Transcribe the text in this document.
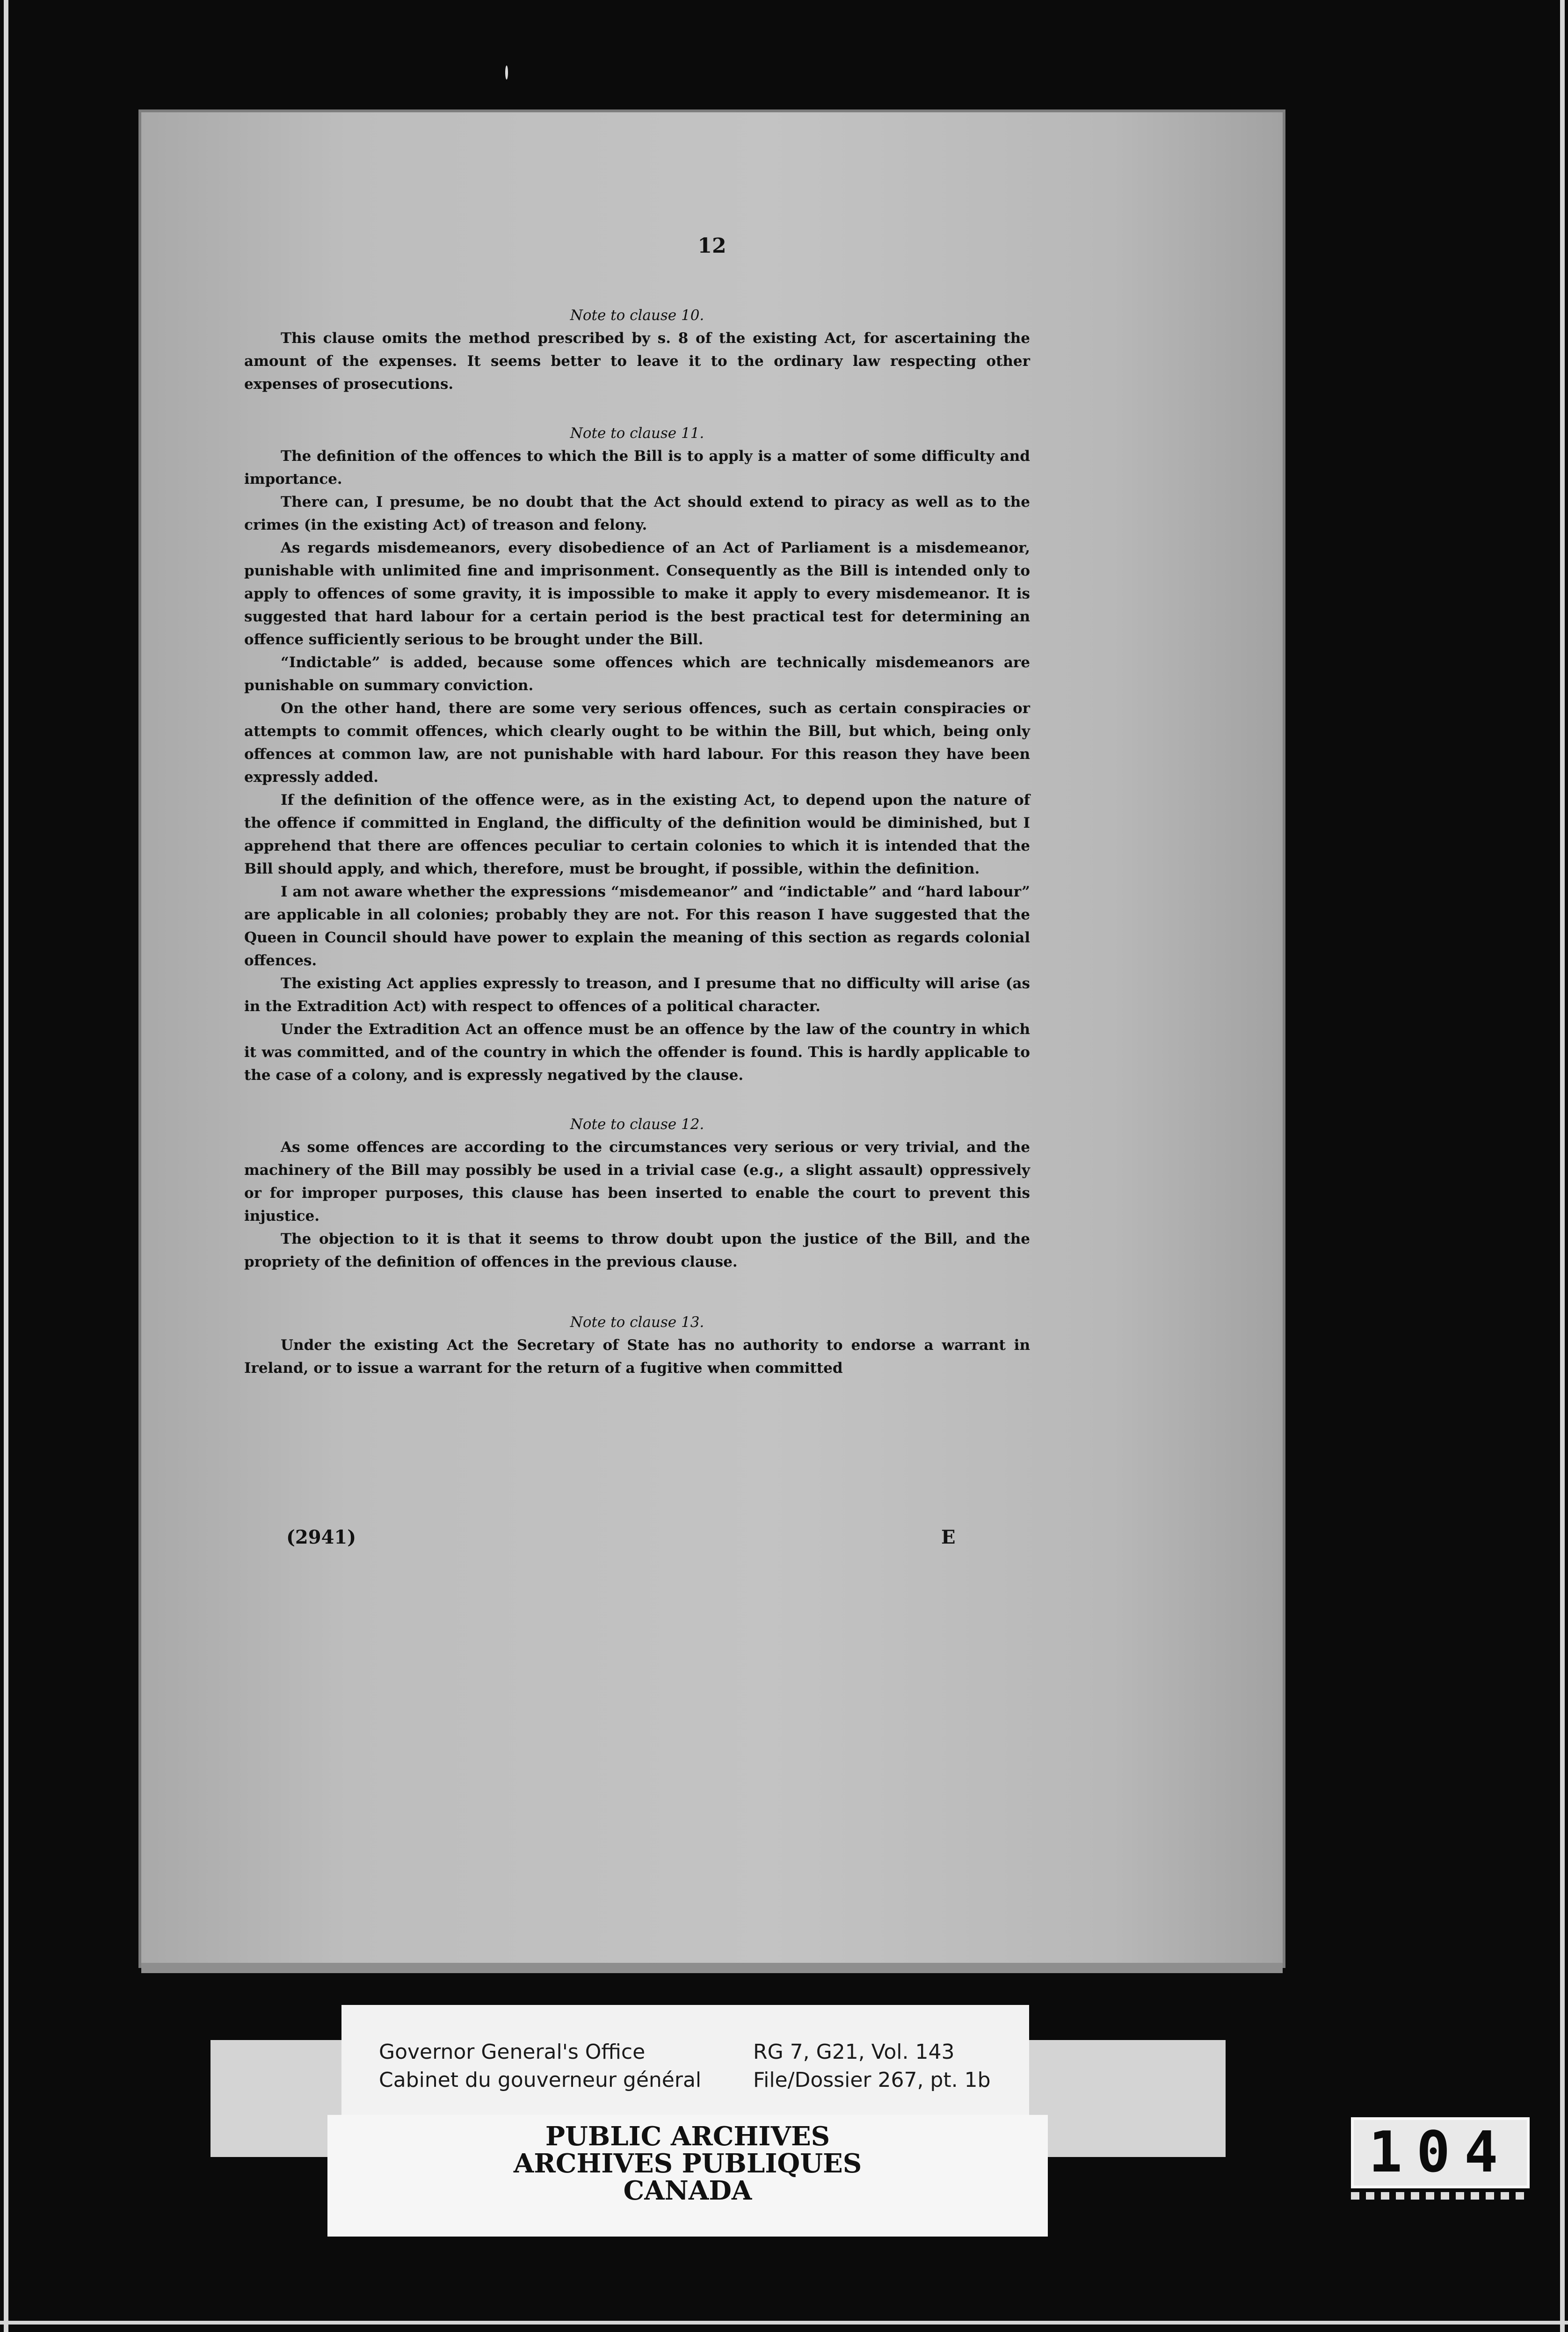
12

Note to clause 10.

This clause omits the method prescribed by s. 8 of the existing Act, for ascertaining the amount of the expenses. It seems better to leave it to the ordinary law respecting other expenses of prosecutions.

Note to clause 11.

The definition of the offences to which the Bill is to apply is a matter of some difficulty and importance.

There can, I presume, be no doubt that the Act should extend to piracy as well as to the crimes (in the existing Act) of treason and felony.

As regards misdemeanors, every disobedience of an Act of Parliament is a misdemeanor, punishable with unlimited fine and imprisonment. Consequently as the Bill is intended only to apply to offences of some gravity, it is impossible to make it apply to every misdemeanor. It is suggested that hard labour for a certain period is the best practical test for determining an offence sufficiently serious to be brought under the Bill.

“Indictable” is added, because some offences which are technically misdemeanors are punishable on summary conviction.

On the other hand, there are some very serious offences, such as certain conspiracies or attempts to commit offences, which clearly ought to be within the Bill, but which, being only offences at common law, are not punishable with hard labour. For this reason they have been expressly added.

If the definition of the offence were, as in the existing Act, to depend upon the nature of the offence if committed in England, the difficulty of the definition would be diminished, but I apprehend that there are offences peculiar to certain colonies to which it is intended that the Bill should apply, and which, therefore, must be brought, if possible, within the definition.

I am not aware whether the expressions “misdemeanor” and “indictable” and “hard labour” are applicable in all colonies; probably they are not. For this reason I have suggested that the Queen in Council should have power to explain the meaning of this section as regards colonial offences.

The existing Act applies expressly to treason, and I presume that no difficulty will arise (as in the Extradition Act) with respect to offences of a political character.

Under the Extradition Act an offence must be an offence by the law of the country in which it was committed, and of the country in which the offender is found. This is hardly applicable to the case of a colony, and is expressly negatived by the clause.

Note to clause 12.

As some offences are according to the circumstances very serious or very trivial, and the machinery of the Bill may possibly be used in a trivial case (e.g., a slight assault) oppressively or for improper purposes, this clause has been inserted to enable the court to prevent this injustice.

The objection to it is that it seems to throw doubt upon the justice of the Bill, and the propriety of the definition of offences in the previous clause.

Note to clause 13.

Under the existing Act the Secretary of State has no authority to endorse a warrant in Ireland, or to issue a warrant for the return of a fugitive when committed

(2941)	E
Governor General's Office
Cabinet du gouverneur général
RG 7, G21, Vol. 143
File/Dossier 267, pt. 1b
PUBLIC ARCHIVES
ARCHIVES PUBLIQUES
CANADA
104
